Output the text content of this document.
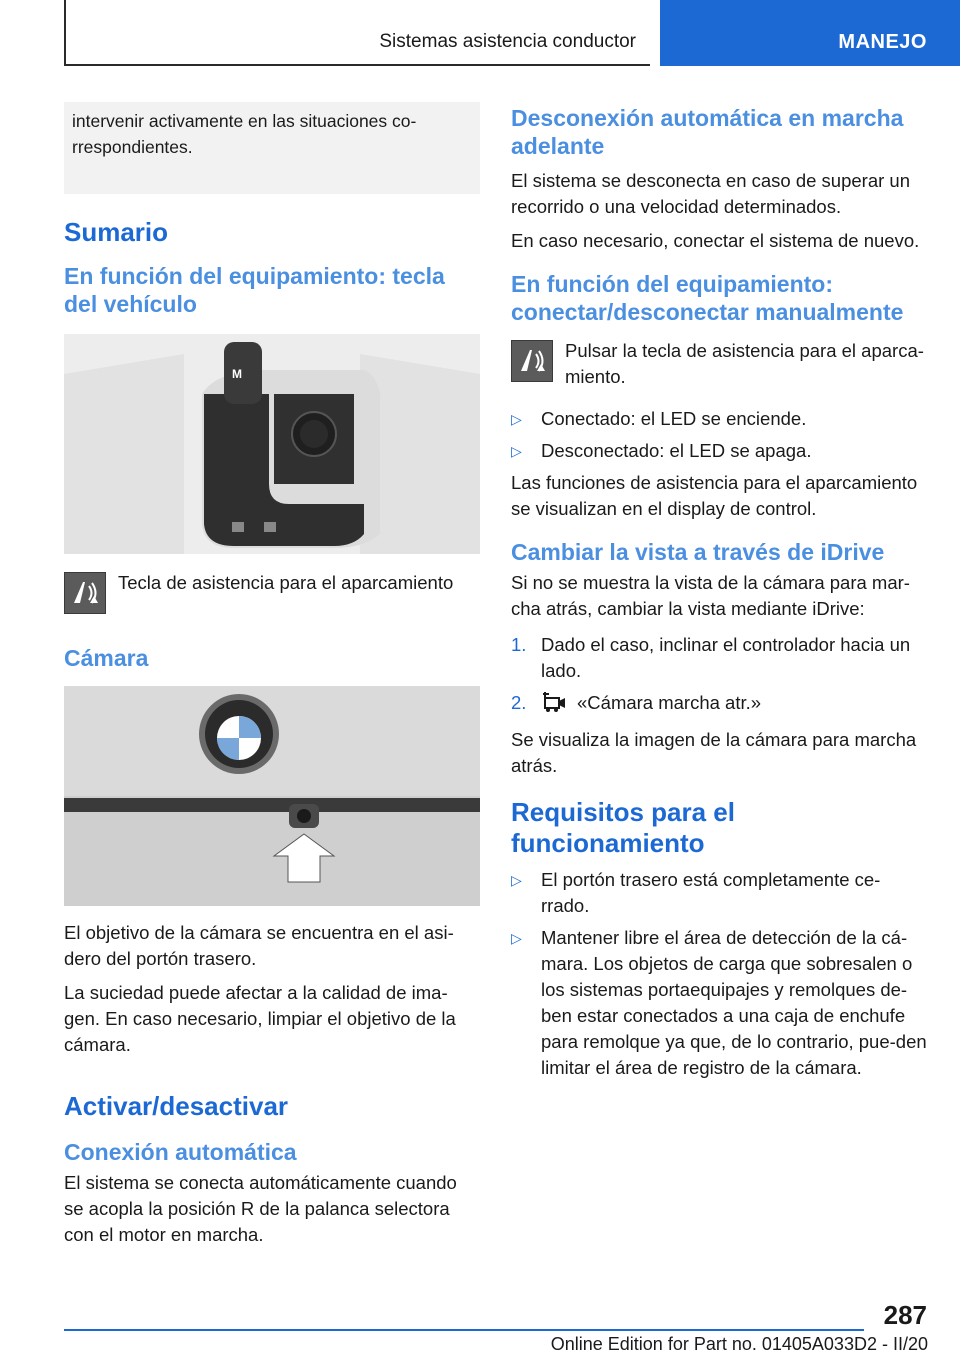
Sistemas asistencia conductor	MANEJO
intervenir activamente en las situaciones co-rrespondientes.
Sumario
En función del equipamiento: tecla del vehículo
M
Tecla de asistencia para el aparcamiento
Cámara

El objetivo de la cámara se encuentra en el asi-dero del portón trasero.

La suciedad puede afectar a la calidad de ima-gen. En caso necesario, limpiar el objetivo de la cámara.

Activar/desactivar
Conexión automática

El sistema se conecta automáticamente cuando se acopla la posición R de la palanca selectora con el motor en marcha.

Desconexión automática en marcha adelante

El sistema se desconecta en caso de superar un recorrido o una velocidad determinados.

En caso necesario, conectar el sistema de nuevo.

En función del equipamiento: conectar/desconectar manualmente
Pulsar la tecla de asistencia para el aparca-miento.
▷	Conectado: el LED se enciende.
▷	Desconectado: el LED se apaga.

Las funciones de asistencia para el aparcamiento se visualizan en el display de control.

Cambiar la vista a través de iDrive

Si no se muestra la vista de la cámara para mar-cha atrás, cambiar la vista mediante iDrive:

1. Dado el caso, inclinar el controlador hacia un lado.
2.	«Cámara marcha atr.»

Se visualiza la imagen de la cámara para marcha atrás.

Requisitos para el funcionamiento
▷	El portón trasero está completamente ce-rrado.
▷	Mantener libre el área de detección de la cá-mara. Los objetos de carga que sobresalen o los sistemas portaequipajes y remolques de-ben estar conectados a una caja de enchufe para remolque ya que, de lo contrario, pue-den limitar el área de registro de la cámara.
287
Online Edition for Part no. 01405A033D2 - II/20
